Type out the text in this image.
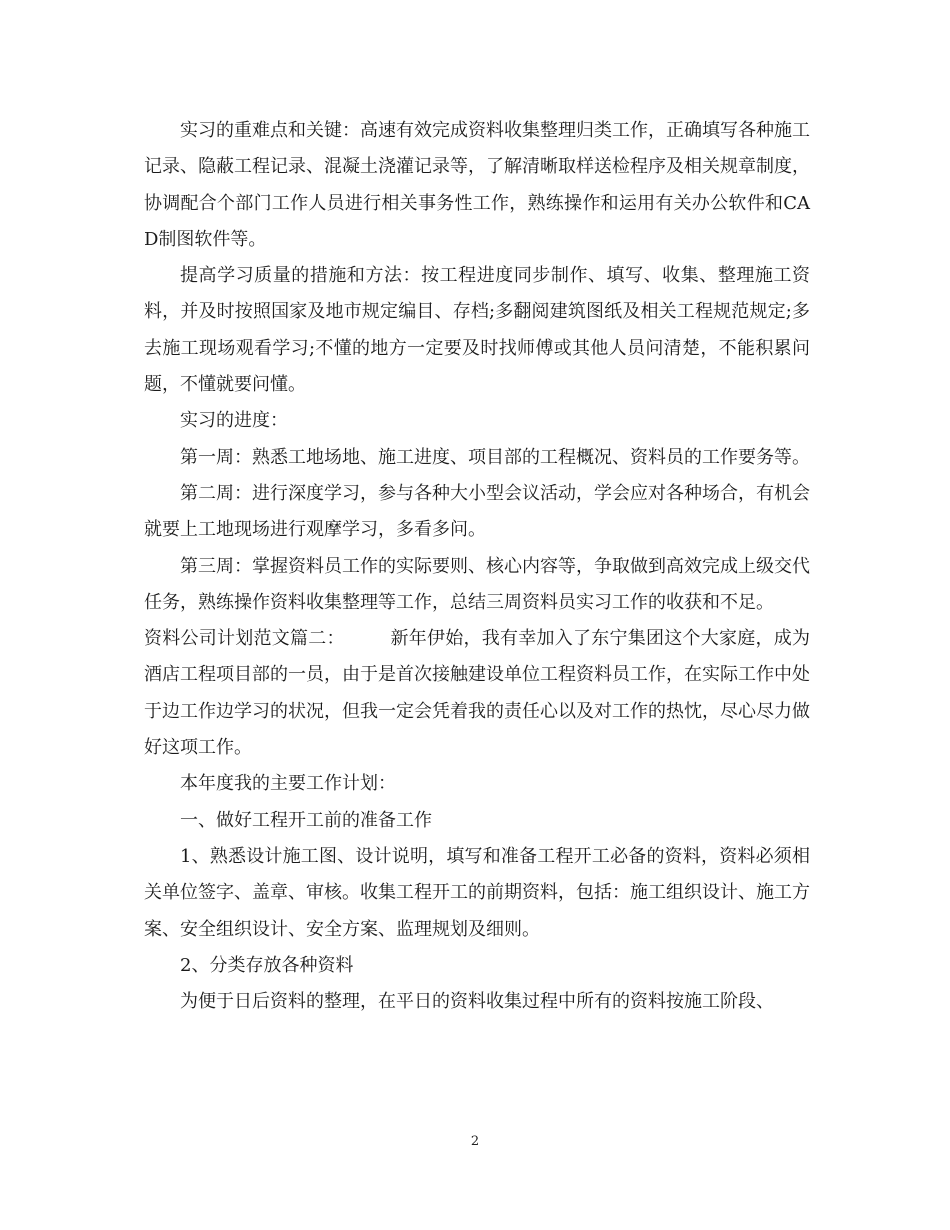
实习的重难点和关键：高速有效完成资料收集整理归类工作，正确填写各种施工记录、隐蔽工程记录、混凝土浇灌记录等，了解清晰取样送检程序及相关规章制度，协调配合个部门工作人员进行相关事务性工作，熟练操作和运用有关办公软件和CAD制图软件等。

提高学习质量的措施和方法：按工程进度同步制作、填写、收集、整理施工资料，并及时按照国家及地市规定编目、存档;多翻阅建筑图纸及相关工程规范规定;多去施工现场观看学习;不懂的地方一定要及时找师傅或其他人员问清楚，不能积累问题，不懂就要问懂。

实习的进度：

第一周：熟悉工地场地、施工进度、项目部的工程概况、资料员的工作要务等。

第二周：进行深度学习，参与各种大小型会议活动，学会应对各种场合，有机会就要上工地现场进行观摩学习，多看多问。

第三周：掌握资料员工作的实际要则、核心内容等，争取做到高效完成上级交代任务，熟练操作资料收集整理等工作，总结三周资料员实习工作的收获和不足。

资料公司计划范文篇二：　　　新年伊始，我有幸加入了东宁集团这个大家庭，成为酒店工程项目部的一员，由于是首次接触建设单位工程资料员工作，在实际工作中处于边工作边学习的状况，但我一定会凭着我的责任心以及对工作的热忱，尽心尽力做好这项工作。

本年度我的主要工作计划：

一、做好工程开工前的准备工作

1、熟悉设计施工图、设计说明，填写和准备工程开工必备的资料，资料必须相关单位签字、盖章、审核。收集工程开工的前期资料，包括：施工组织设计、施工方案、安全组织设计、安全方案、监理规划及细则。

2、分类存放各种资料

为便于日后资料的整理，在平日的资料收集过程中所有的资料按施工阶段、

2
